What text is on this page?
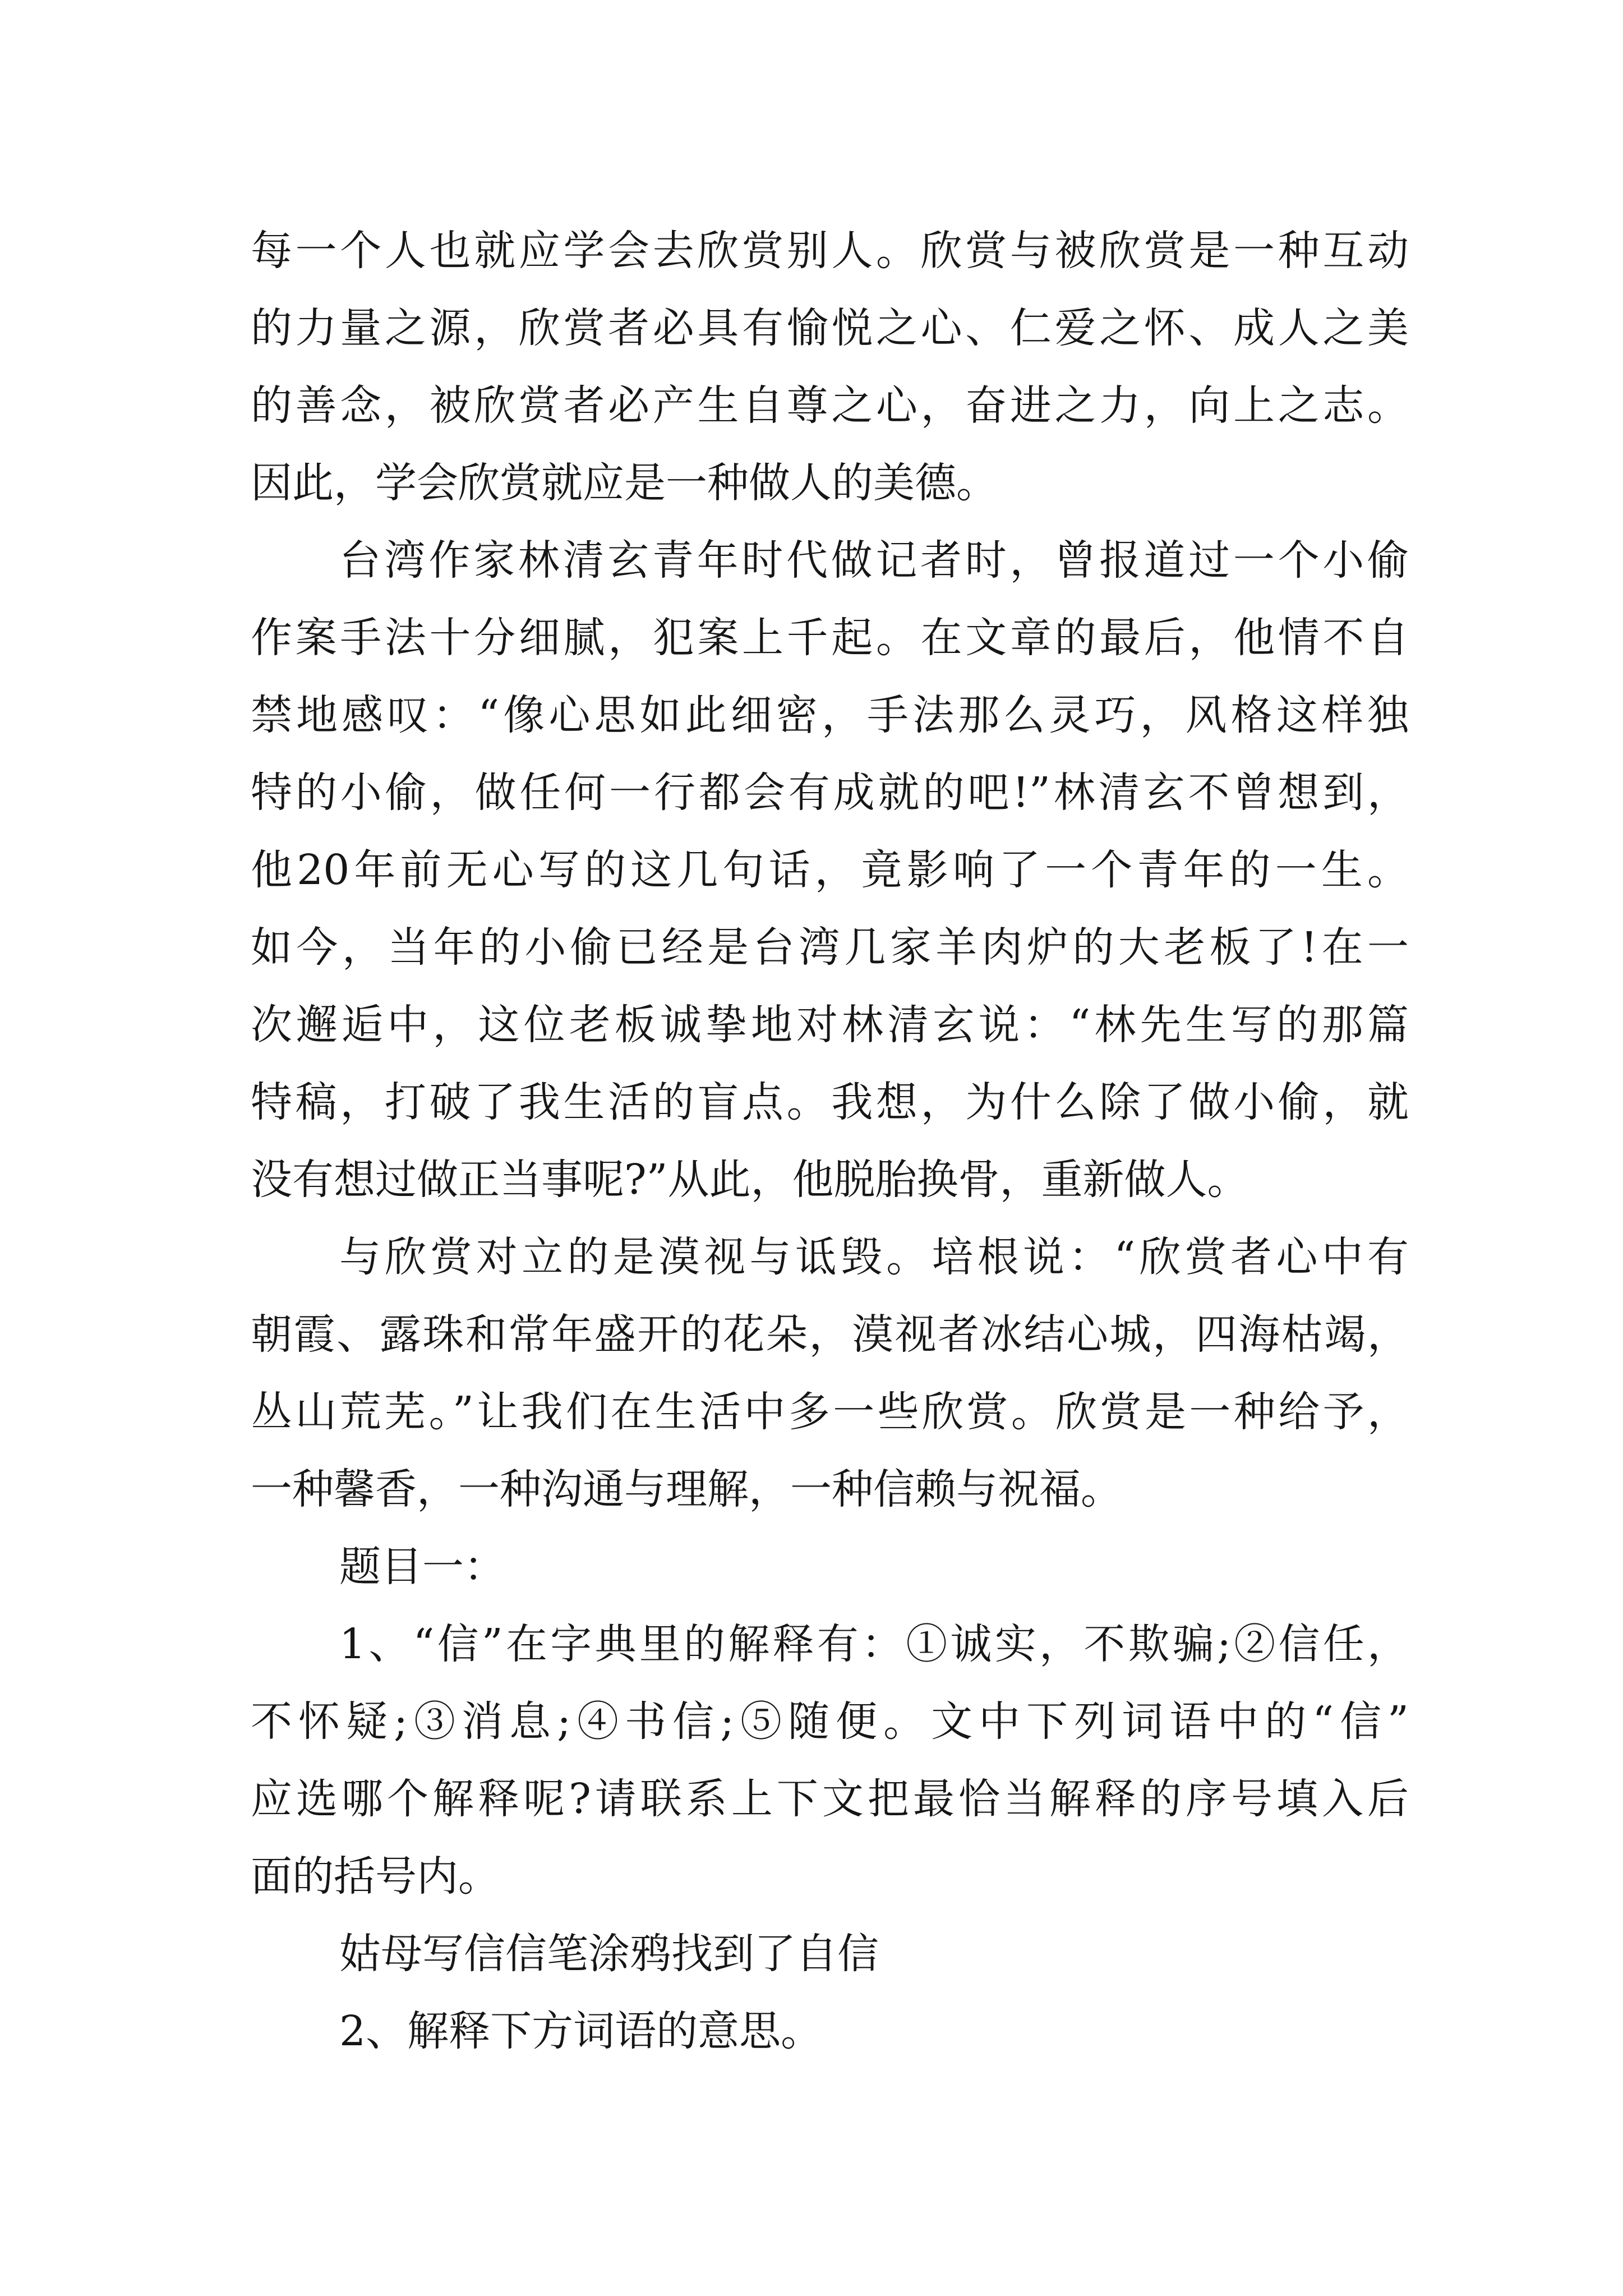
每一个人也就应学会去欣赏别人。欣赏与被欣赏是一种互动
的力量之源，欣赏者必具有愉悦之心、仁爱之怀、成人之美
的善念，被欣赏者必产生自尊之心，奋进之力，向上之志。
因此，学会欣赏就应是一种做人的美德。
台湾作家林清玄青年时代做记者时，曾报道过一个小偷
作案手法十分细腻，犯案上千起。在文章的最后，他情不自
禁地感叹：“像心思如此细密，手法那么灵巧，风格这样独
特的小偷，做任何一行都会有成就的吧!”林清玄不曾想到，
他20年前无心写的这几句话，竟影响了一个青年的一生。
如今，当年的小偷已经是台湾几家羊肉炉的大老板了!在一
次邂逅中，这位老板诚挚地对林清玄说：“林先生写的那篇
特稿，打破了我生活的盲点。我想，为什么除了做小偷，就
没有想过做正当事呢?”从此，他脱胎换骨，重新做人。
与欣赏对立的是漠视与诋毁。培根说：“欣赏者心中有
朝霞、露珠和常年盛开的花朵，漠视者冰结心城，四海枯竭，
丛山荒芜。”让我们在生活中多一些欣赏。欣赏是一种给予，
一种馨香，一种沟通与理解，一种信赖与祝福。
题目一：
1、“信”在字典里的解释有：①诚实，不欺骗;②信任，
不怀疑;③消息;④书信;⑤随便。文中下列词语中的“信”
应选哪个解释呢?请联系上下文把最恰当解释的序号填入后
面的括号内。
姑母写信信笔涂鸦找到了自信
2、解释下方词语的意思。
